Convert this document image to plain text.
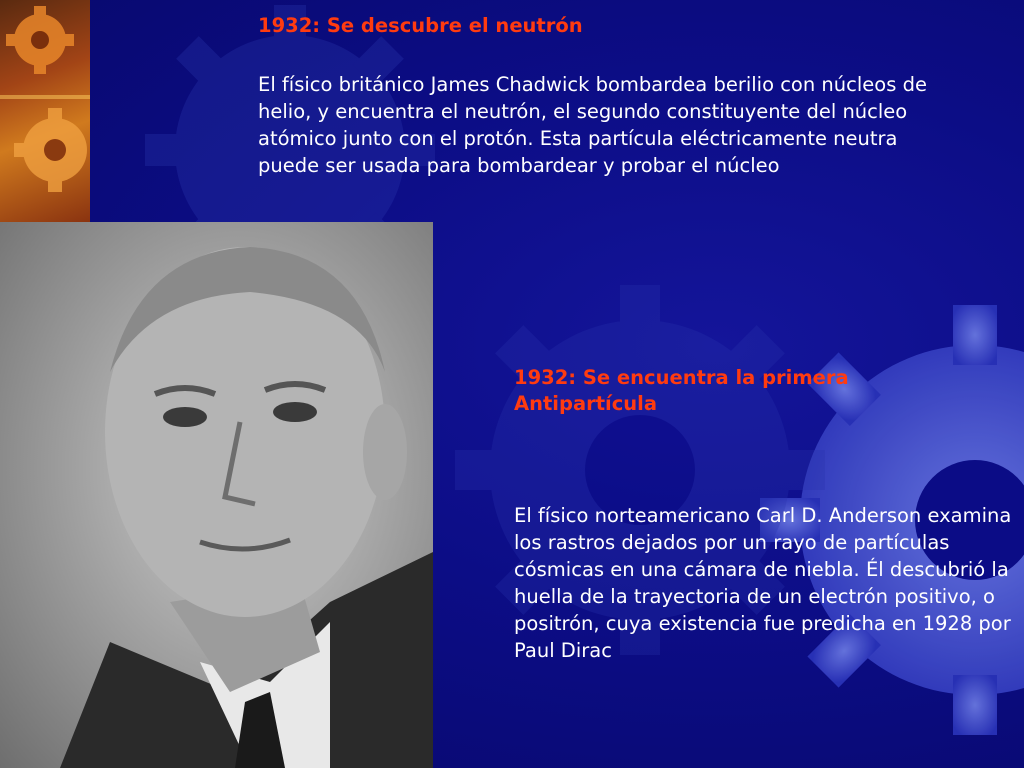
1932: Se descubre el neutrón

El físico británico James Chadwick bombardea berilio con núcleos de helio, y encuentra el neutrón, el segundo constituyente del núcleo atómico junto con el protón. Esta partícula eléctricamente neutra puede ser usada para bombardear y probar el núcleo

1932: Se encuentra la primera Antipartícula

El físico norteamericano Carl D. Anderson examina los rastros dejados por un rayo de partículas cósmicas en una cámara de niebla. Él descubrió la huella de la trayectoria de un electrón positivo, o positrón, cuya existencia fue predicha en 1928 por Paul Dirac
